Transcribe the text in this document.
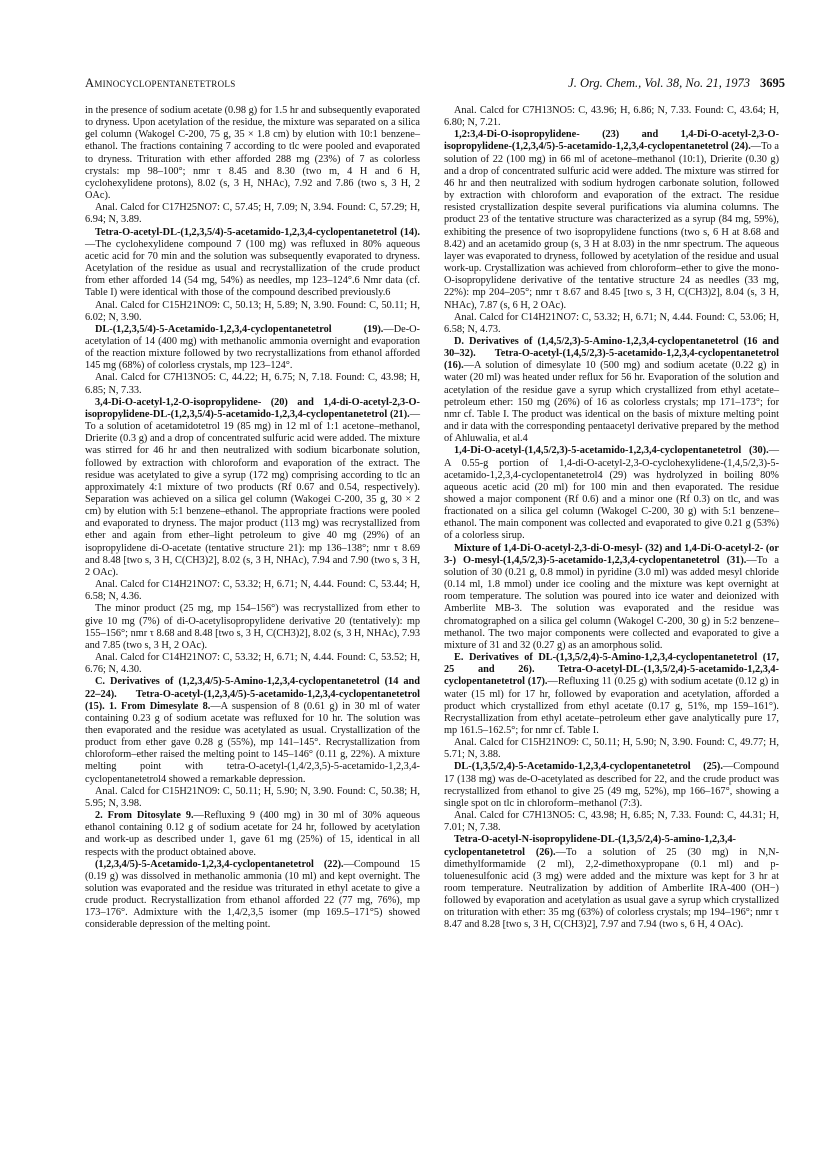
Aminocyclopentanetetrols	J. Org. Chem., Vol. 38, No. 21, 1973 3695

in the presence of sodium acetate (0.98 g) for 1.5 hr and subsequently evaporated to dryness. Upon acetylation of the residue, the mixture was separated on a silica gel column (Wakogel C-200, 75 g, 35 × 1.8 cm) by elution with 10:1 benzene–ethanol. The fractions containing 7 according to tlc were pooled and evaporated to dryness. Trituration with ether afforded 288 mg (23%) of 7 as colorless crystals: mp 98–100°; nmr τ 8.45 and 8.30 (two m, 4 H and 6 H, cyclohexylidene protons), 8.02 (s, 3 H, NHAc), 7.92 and 7.86 (two s, 3 H, 2 OAc).

Anal. Calcd for C17H25NO7: C, 57.45; H, 7.09; N, 3.94. Found: C, 57.29; H, 6.94; N, 3.89.

Tetra-O-acetyl-DL-(1,2,3,5/4)-5-acetamido-1,2,3,4-cyclopentanetetrol (14).—The cyclohexylidene compound 7 (100 mg) was refluxed in 80% aqueous acetic acid for 70 min and the solution was subsequently evaporated to dryness. Acetylation of the residue as usual and recrystallization of the crude product from ether afforded 14 (54 mg, 54%) as needles, mp 123–124°.6 Nmr data (cf. Table I) were identical with those of the compound described previously.6

Anal. Calcd for C15H21NO9: C, 50.13; H, 5.89; N, 3.90. Found: C, 50.11; H, 6.02; N, 3.90.

DL-(1,2,3,5/4)-5-Acetamido-1,2,3,4-cyclopentanetetrol (19).—De-O-acetylation of 14 (400 mg) with methanolic ammonia overnight and evaporation of the reaction mixture followed by two recrystallizations from ethanol afforded 145 mg (68%) of colorless crystals, mp 123–124°.

Anal. Calcd for C7H13NO5: C, 44.22; H, 6.75; N, 7.18. Found: C, 43.98; H, 6.85; N, 7.33.

3,4-Di-O-acetyl-1,2-O-isopropylidene- (20) and 1,4-di-O-acetyl-2,3-O-isopropylidene-DL-(1,2,3,5/4)-5-acetamido-1,2,3,4-cyclopentanetetrol (21).—To a solution of acetamidotetrol 19 (85 mg) in 12 ml of 1:1 acetone–methanol, Drierite (0.3 g) and a drop of concentrated sulfuric acid were added. The mixture was stirred for 46 hr and then neutralized with sodium bicarbonate solution, followed by extraction with chloroform and evaporation of the extract. The residue was acetylated to give a syrup (172 mg) comprising according to tlc an approximately 4:1 mixture of two products (Rf 0.67 and 0.54, respectively). Separation was achieved on a silica gel column (Wakogei C-200, 35 g, 30 × 2 cm) by elution with 5:1 benzene–ethanol. The appropriate fractions were pooled and evaporated to dryness. The major product (113 mg) was recrystallized from ether and again from ether–light petroleum to give 40 mg (29%) of an isopropylidene di-O-acetate (tentative structure 21): mp 136–138°; nmr τ 8.69 and 8.48 [two s, 3 H, C(CH3)2], 8.02 (s, 3 H, NHAc), 7.94 and 7.90 (two s, 3 H, 2 OAc).

Anal. Calcd for C14H21NO7: C, 53.32; H, 6.71; N, 4.44. Found: C, 53.44; H, 6.58; N, 4.36.

The minor product (25 mg, mp 154–156°) was recrystallized from ether to give 10 mg (7%) of di-O-acetylisopropylidene derivative 20 (tentatively): mp 155–156°; nmr τ 8.68 and 8.48 [two s, 3 H, C(CH3)2], 8.02 (s, 3 H, NHAc), 7.93 and 7.85 (two s, 3 H, 2 OAc).

Anal. Calcd for C14H21NO7: C, 53.32; H, 6.71; N, 4.44. Found: C, 53.52; H, 6.76; N, 4.30.

C. Derivatives of (1,2,3,4/5)-5-Amino-1,2,3,4-cyclopentanetetrol (14 and 22–24). Tetra-O-acetyl-(1,2,3,4/5)-5-acetamido-1,2,3,4-cyclopentanetetrol (15). 1. From Dimesylate 8.—A suspension of 8 (0.61 g) in 30 ml of water containing 0.23 g of sodium acetate was refluxed for 10 hr. The solution was then evaporated and the residue was acetylated as usual. Crystallization of the product from ether gave 0.28 g (55%), mp 141–145°. Recrystallization from chloroform–ether raised the melting point to 145–146° (0.11 g, 22%). A mixture melting point with tetra-O-acetyl-(1,4/2,3,5)-5-acetamido-1,2,3,4-cyclopentanetetrol4 showed a remarkable depression.

Anal. Calcd for C15H21NO9: C, 50.11; H, 5.90; N, 3.90. Found: C, 50.38; H, 5.95; N, 3.98.

2. From Ditosylate 9.—Refluxing 9 (400 mg) in 30 ml of 30% aqueous ethanol containing 0.12 g of sodium acetate for 24 hr, followed by acetylation and work-up as described under 1, gave 61 mg (25%) of 15, identical in all respects with the product obtained above.

(1,2,3,4/5)-5-Acetamido-1,2,3,4-cyclopentanetetrol (22).—Compound 15 (0.19 g) was dissolved in methanolic ammonia (10 ml) and kept overnight. The solution was evaporated and the residue was triturated in ethyl acetate to give a crude product. Recrystallization from ethanol afforded 22 (77 mg, 76%), mp 173–176°. Admixture with the 1,4/2,3,5 isomer (mp 169.5–171°5) showed considerable depression of the melting point.

Anal. Calcd for C7H13NO5: C, 43.96; H, 6.86; N, 7.33. Found: C, 43.64; H, 6.80; N, 7.21.

1,2:3,4-Di-O-isopropylidene- (23) and 1,4-Di-O-acetyl-2,3-O-isopropylidene-(1,2,3,4/5)-5-acetamido-1,2,3,4-cyclopentanetetrol (24).—To a solution of 22 (100 mg) in 66 ml of acetone–methanol (10:1), Drierite (0.30 g) and a drop of concentrated sulfuric acid were added. The mixture was stirred for 46 hr and then neutralized with sodium hydrogen carbonate solution, followed by extraction with chloroform and evaporation of the extract. The residue resisted crystallization despite several purifications via alumina columns. The product 23 of the tentative structure was characterized as a syrup (84 mg, 59%), exhibiting the presence of two isopropylidene functions (two s, 6 H at 8.68 and 8.42) and an acetamido group (s, 3 H at 8.03) in the nmr spectrum. The aqueous layer was evaporated to dryness, followed by acetylation of the residue and usual work-up. Crystallization was achieved from chloroform–ether to give the mono-O-isopropylidene derivative of the tentative structure 24 as needles (33 mg, 22%): mp 204–205°; nmr τ 8.67 and 8.45 [two s, 3 H, C(CH3)2], 8.04 (s, 3 H, NHAc), 7.87 (s, 6 H, 2 OAc).

Anal. Calcd for C14H21NO7: C, 53.32; H, 6.71; N, 4.44. Found: C, 53.06; H, 6.58; N, 4.73.

D. Derivatives of (1,4,5/2,3)-5-Amino-1,2,3,4-cyclopentanetetrol (16 and 30–32). Tetra-O-acetyl-(1,4,5/2,3)-5-acetamido-1,2,3,4-cyclopentanetetrol (16).—A solution of dimesylate 10 (500 mg) and sodium acetate (0.22 g) in water (20 ml) was heated under reflux for 56 hr. Evaporation of the solution and acetylation of the residue gave a syrup which crystallized from ethyl acetate–petroleum ether: 150 mg (26%) of 16 as colorless crystals; mp 171–173°; for nmr cf. Table I. The product was identical on the basis of mixture melting point and ir data with the corresponding pentaacetyl derivative prepared by the method of Ahluwalia, et al.4

1,4-Di-O-acetyl-(1,4,5/2,3)-5-acetamido-1,2,3,4-cyclopentanetetrol (30).—A 0.55-g portion of 1,4-di-O-acetyl-2,3-O-cyclohexylidene-(1,4,5/2,3)-5-acetamido-1,2,3,4-cyclopentanetetrol4 (29) was hydrolyzed in boiling 80% aqueous acetic acid (20 ml) for 100 min and then evaporated. The residue showed a major component (Rf 0.6) and a minor one (Rf 0.3) on tlc, and was fractionated on a silica gel column (Wakogel C-200, 30 g) with 5:1 benzene–ethanol. The main component was collected and evaporated to give 0.21 g (53%) of a colorless sirup.

Mixture of 1,4-Di-O-acetyl-2,3-di-O-mesyl- (32) and 1,4-Di-O-acetyl-2- (or 3-) O-mesyl-(1,4,5/2,3)-5-acetamido-1,2,3,4-cyclopentanetetrol (31).—To a solution of 30 (0.21 g, 0.8 mmol) in pyridine (3.0 ml) was added mesyl chloride (0.14 ml, 1.8 mmol) under ice cooling and the mixture was kept overnight at room temperature. The solution was poured into ice water and deionized with Amberlite MB-3. The solution was evaporated and the residue was chromatographed on a silica gel column (Wakogel C-200, 30 g) in 5:2 benzene–methanol. The two major components were collected and evaporated to give a mixture of 31 and 32 (0.27 g) as an amorphous solid.

E. Derivatives of DL-(1,3,5/2,4)-5-Amino-1,2,3,4-cyclopentanetetrol (17, 25 and 26). Tetra-O-acetyl-DL-(1,3,5/2,4)-5-acetamido-1,2,3,4-cyclopentanetetrol (17).—Refluxing 11 (0.25 g) with sodium acetate (0.12 g) in water (15 ml) for 17 hr, followed by evaporation and acetylation, afforded a product which crystallized from ethyl acetate (0.17 g, 51%, mp 159–161°). Recrystallization from ethyl acetate–petroleum ether gave analytically pure 17, mp 161.5–162.5°; for nmr cf. Table I.

Anal. Calcd for C15H21NO9: C, 50.11; H, 5.90; N, 3.90. Found: C, 49.77; H, 5.71; N, 3.88.

DL-(1,3,5/2,4)-5-Acetamido-1,2,3,4-cyclopentanetetrol (25).—Compound 17 (138 mg) was de-O-acetylated as described for 22, and the crude product was recrystallized from ethanol to give 25 (49 mg, 52%), mp 166–167°, showing a single spot on tlc in chloroform–methanol (7:3).

Anal. Calcd for C7H13NO5: C, 43.98; H, 6.85; N, 7.33. Found: C, 44.31; H, 7.01; N, 7.38.

Tetra-O-acetyl-N-isopropylidene-DL-(1,3,5/2,4)-5-amino-1,2,3,4-cyclopentanetetrol (26).—To a solution of 25 (30 mg) in N,N-dimethylformamide (2 ml), 2,2-dimethoxypropane (0.1 ml) and p-toluenesulfonic acid (3 mg) were added and the mixture was kept for 3 hr at room temperature. Neutralization by addition of Amberlite IRA-400 (OH−) followed by evaporation and acetylation as usual gave a syrup which crystallized on trituration with ether: 35 mg (63%) of colorless crystals; mp 194–196°; nmr τ 8.47 and 8.28 [two s, 3 H, C(CH3)2], 7.97 and 7.94 (two s, 6 H, 4 OAc).
